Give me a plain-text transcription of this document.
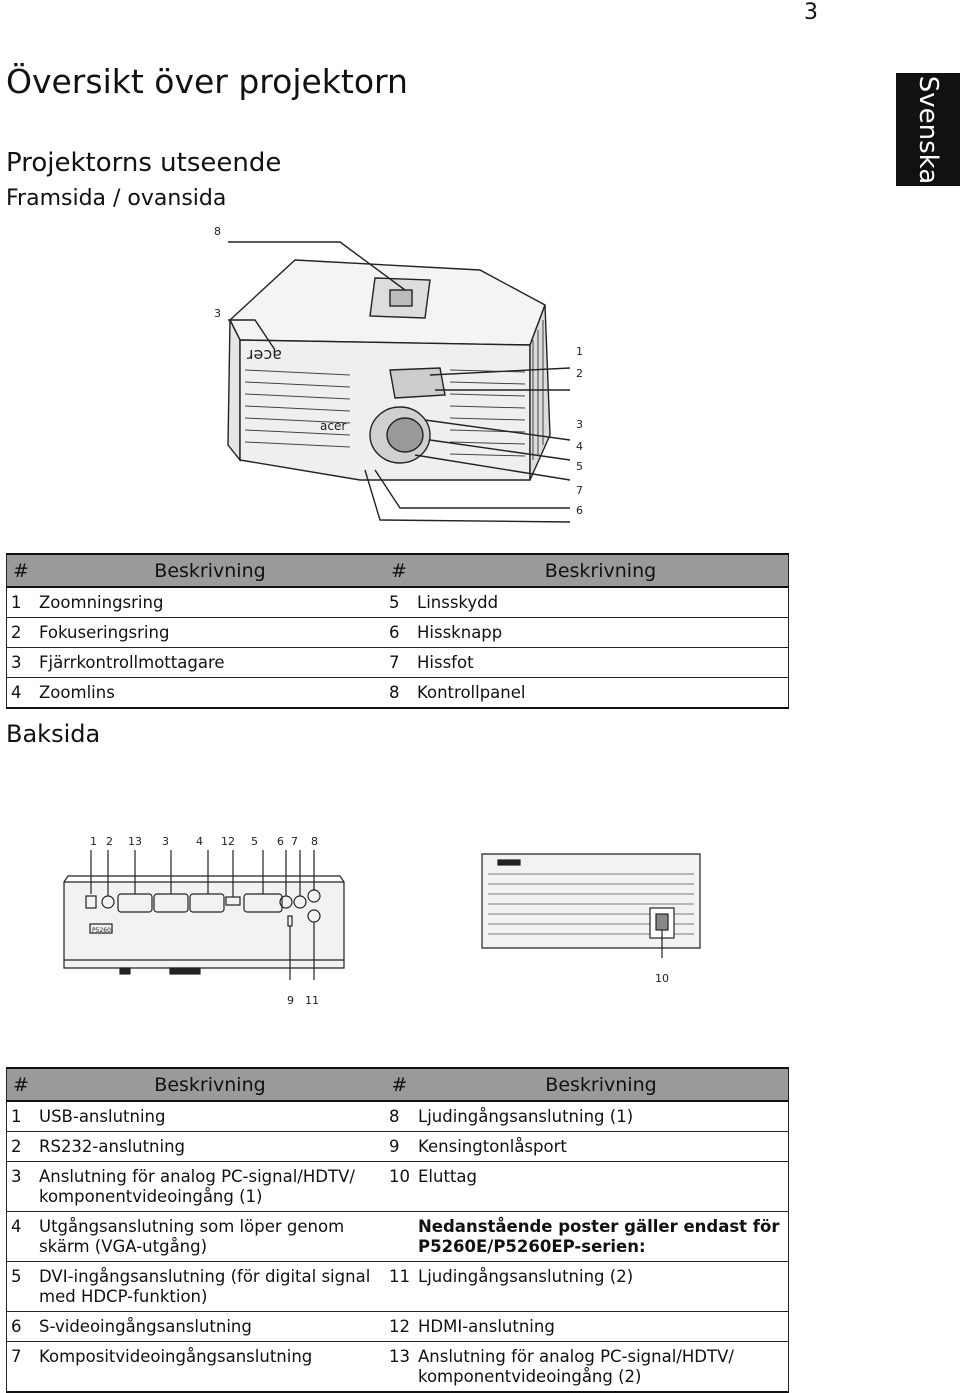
3
Översikt över projektorn	Svenska
Projektorns utseende
Framsida / ovansida
acer
acer
8
3
1
2
3
4
5
7
6
#	Beskrivning	#	Beskrivning
1	Zoomningsring	5	Linsskydd
2	Fokuseringsring	6	Hissknapp
3	Fjärrkontrollmottagare	7	Hissfot
4	Zoomlins	8	Kontrollpanel
Baksida
P5260i
1 2 13 3 4 12 5 6 7 8
9 11
10
#	Beskrivning	#	Beskrivning
1	USB-anslutning	8	Ljudingångsanslutning (1)
2	RS232-anslutning	9	Kensingtonlåsport
3	Anslutning för analog PC-signal/HDTV/ komponentvideoingång (1)	10	Eluttag
4	Utgångsanslutning som löper genom skärm (VGA-utgång)		Nedanstående poster gäller endast för P5260E/P5260EP-serien:
5	DVI-ingångsanslutning (för digital signal med HDCP-funktion)	11	Ljudingångsanslutning (2)
6	S-videoingångsanslutning	12	HDMI-anslutning
7	Kompositvideoingångsanslutning	13	Anslutning för analog PC-signal/HDTV/ komponentvideoingång (2)
